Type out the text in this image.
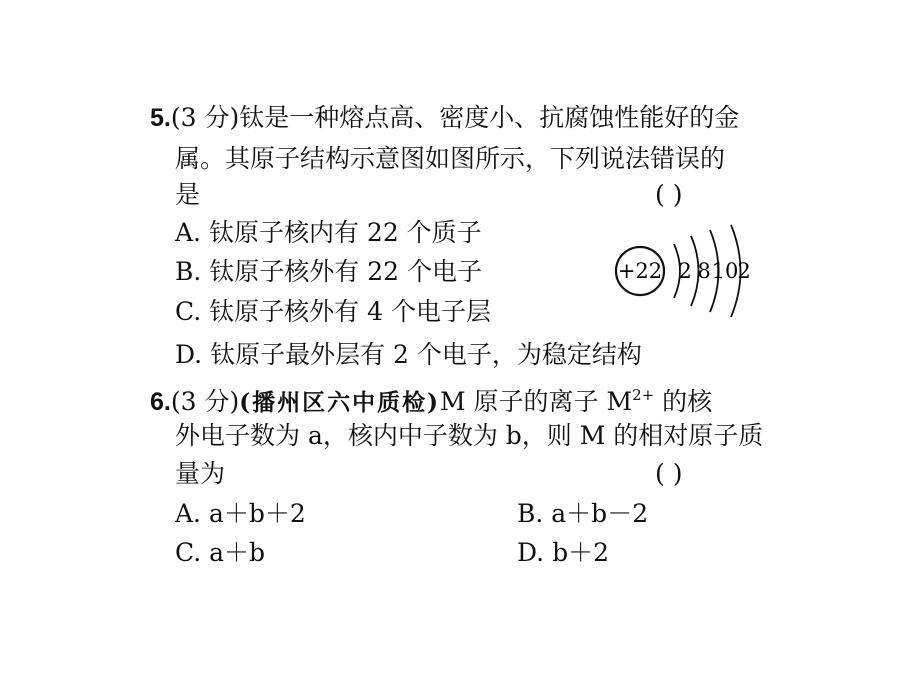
5.(3 分)钛是一种熔点高、密度小、抗腐蚀性能好的金
属。其原子结构示意图如图所示，下列说法错误的
是	( )
A. 钛原子核内有 22 个质子
B. 钛原子核外有 22 个电子
C. 钛原子核外有 4 个电子层
D. 钛原子最外层有 2 个电子，为稳定结构
+22 2 8 10
2
6.(3 分)(播州区六中质检)M 原子的离子 $M^{2+}$ 的核
外电子数为 a，核内中子数为 b，则 M 的相对原子质
量为	( )
A. a＋b＋2	B. a＋b－2
C. a＋b	D. b＋2
